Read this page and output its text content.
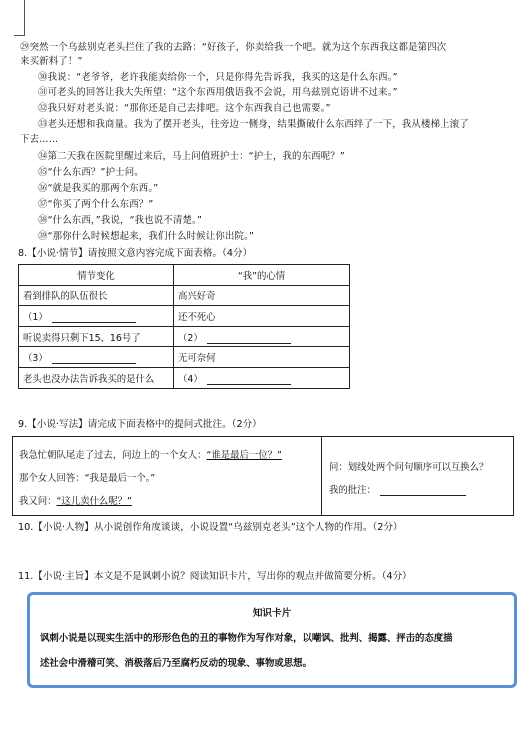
㉙突然一个乌兹别克老头拦住了我的去路：“好孩子，你卖给我一个吧。就为这个东西我这都是第四次
来买新料了！”
㉚我说：“老爷爷，老许我能卖给你一个，只是你得先告诉我，我买的这是什么东西。”
㉛可老头的回答让我大失所望：“这个东西用俄语我不会说，用乌兹别克语讲不过来。”
㉜我只好对老头说：“那你还是自己去排吧。这个东西我自己也需要。”
㉝老头还想和我商量。我为了摆开老头，往旁边一侧身，结果撕破什么东西绊了一下，我从楼梯上滚了
下去……
㉞第二天我在医院里醒过来后，马上问值班护士：“护士，我的东西呢？”
㉟“什么东西？”护士问。
㊱“就是我买的那两个东西。”
㊲“你买了两个什么东西？”
㊳“什么东西，”我说，“我也说不清楚。”
㊴“那你什么时候想起来，我们什么时候让你出院。”
8.【小说·情节】请按照文意内容完成下面表格。（4分）
情节变化	“我”的心情
看到排队的队伍很长	高兴好奇
（1）	还不死心
听说卖得只剩下15、16号了	（2）
（3）	无可奈何
老头也没办法告诉我买的是什么	（4）
9.【小说·写法】请完成下面表格中的提问式批注。（2分）
我急忙朝队尾走了过去，问边上的一个女人：“谁是最后一位？”
那个女人回答：“我是最后一个。”
我又问：“这儿卖什么呢？”
问：划线处两个问句顺序可以互换么？
我的批注：
10.【小说·人物】从小说创作角度谈谈，小说设置“乌兹别克老头”这个人物的作用。（2分）
11.【小说·主旨】本文是不是讽刺小说？阅读知识卡片，写出你的观点并做简要分析。（4分）
知识卡片
讽刺小说是以现实生活中的形形色色的丑的事物作为写作对象，以嘲讽、批判、揭露、抨击的态度描
述社会中滑稽可笑、消极落后乃至腐朽反动的现象、事物或思想。
